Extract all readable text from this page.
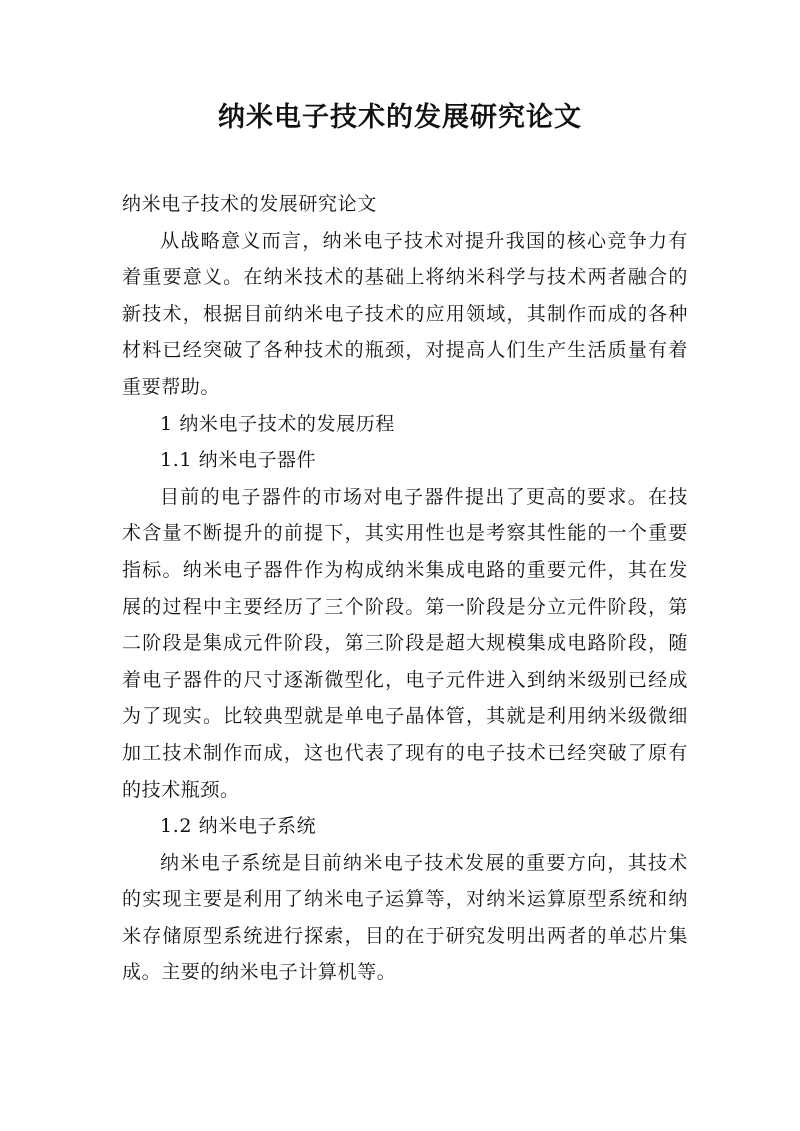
纳米电子技术的发展研究论文

纳米电子技术的发展研究论文

从战略意义而言，纳米电子技术对提升我国的核心竞争力有着重要意义。在纳米技术的基础上将纳米科学与技术两者融合的新技术，根据目前纳米电子技术的应用领域，其制作而成的各种材料已经突破了各种技术的瓶颈，对提高人们生产生活质量有着重要帮助。

1 纳米电子技术的发展历程

1.1 纳米电子器件

目前的电子器件的市场对电子器件提出了更高的要求。在技术含量不断提升的前提下，其实用性也是考察其性能的一个重要指标。纳米电子器件作为构成纳米集成电路的重要元件，其在发展的过程中主要经历了三个阶段。第一阶段是分立元件阶段，第二阶段是集成元件阶段，第三阶段是超大规模集成电路阶段，随着电子器件的尺寸逐渐微型化，电子元件进入到纳米级别已经成为了现实。比较典型就是单电子晶体管，其就是利用纳米级微细加工技术制作而成，这也代表了现有的电子技术已经突破了原有的技术瓶颈。

1.2 纳米电子系统

纳米电子系统是目前纳米电子技术发展的重要方向，其技术的实现主要是利用了纳米电子运算等，对纳米运算原型系统和纳米存储原型系统进行探索，目的在于研究发明出两者的单芯片集成。主要的纳米电子计算机等。
